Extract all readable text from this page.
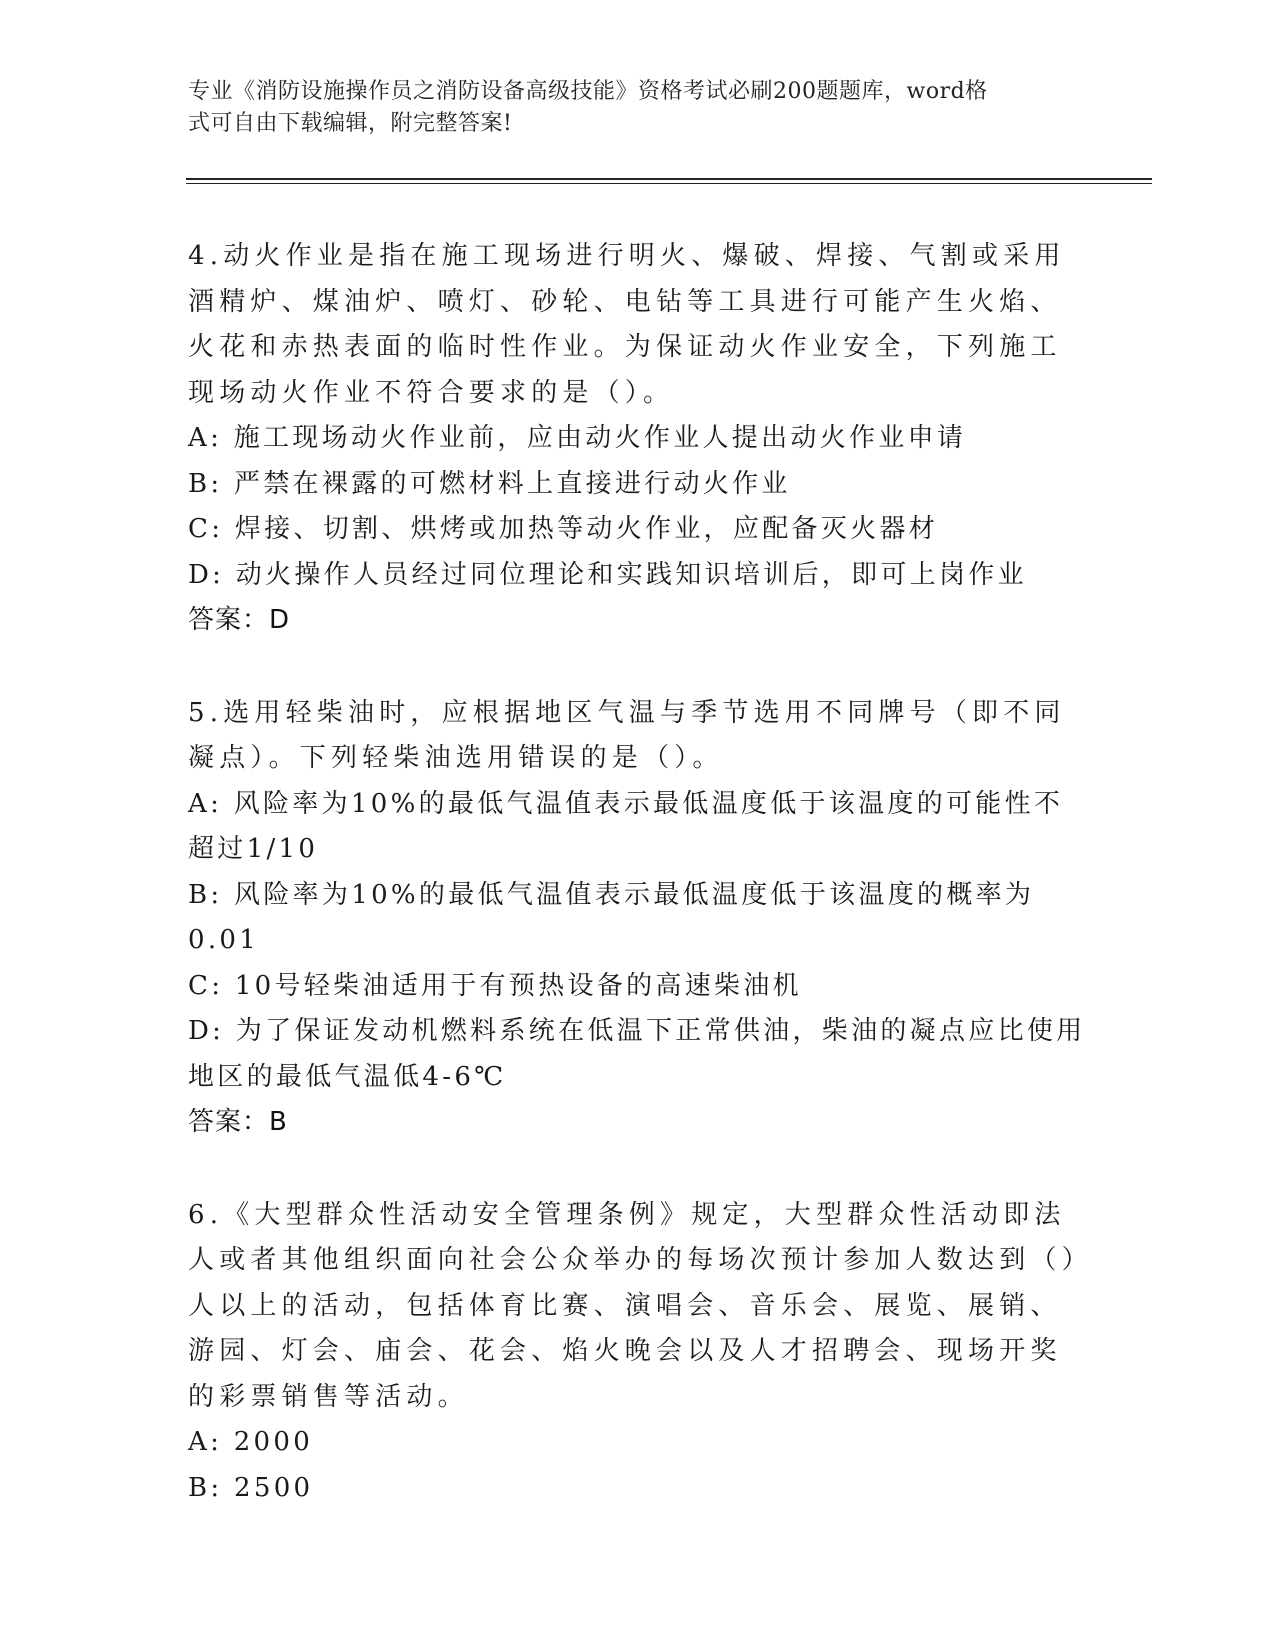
专业《消防设施操作员之消防设备高级技能》资格考试必刷200题题库，word格
式可自由下载编辑，附完整答案!

4.动火作业是指在施工现场进行明火、爆破、焊接、气割或采用酒精炉、煤油炉、喷灯、砂轮、电钻等工具进行可能产生火焰、火花和赤热表面的临时性作业。为保证动火作业安全，下列施工现场动火作业不符合要求的是（）。

A: 施工现场动火作业前，应由动火作业人提出动火作业申请

B: 严禁在裸露的可燃材料上直接进行动火作业

C: 焊接、切割、烘烤或加热等动火作业，应配备灭火器材

D: 动火操作人员经过同位理论和实践知识培训后，即可上岗作业

答案：D

5.选用轻柴油时，应根据地区气温与季节选用不同牌号（即不同凝点）。下列轻柴油选用错误的是（）。

A: 风险率为10%的最低气温值表示最低温度低于该温度的可能性不超过1/10

B: 风险率为10%的最低气温值表示最低温度低于该温度的概率为0.01

C: 10号轻柴油适用于有预热设备的高速柴油机

D: 为了保证发动机燃料系统在低温下正常供油，柴油的凝点应比使用地区的最低气温低4-6℃

答案：B

6.《大型群众性活动安全管理条例》规定，大型群众性活动即法人或者其他组织面向社会公众举办的每场次预计参加人数达到（）人以上的活动，包括体育比赛、演唱会、音乐会、展览、展销、游园、灯会、庙会、花会、焰火晚会以及人才招聘会、现场开奖的彩票销售等活动。

A: 2000

B: 2500
